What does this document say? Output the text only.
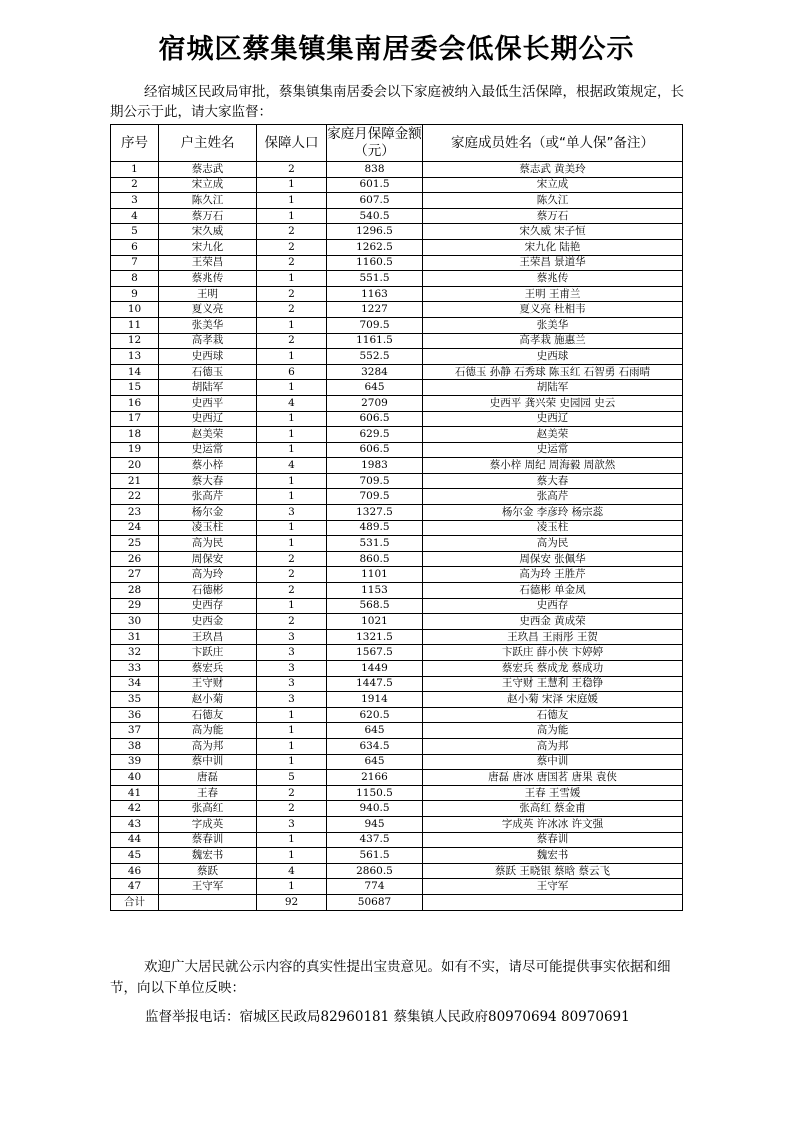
宿城区蔡集镇集南居委会低保长期公示
经宿城区民政局审批，蔡集镇集南居委会以下家庭被纳入最低生活保障，根据政策规定，长期公示于此，请大家监督：
序号	户主姓名	保障人口	家庭月保障金额（元）	家庭成员姓名（或“单人保”备注）
1	蔡志武	2	838	蔡志武 黄美玲
2	宋立成	1	601.5	宋立成
3	陈久江	1	607.5	陈久江
4	蔡万石	1	540.5	蔡万石
5	宋久威	2	1296.5	宋久威 宋子恒
6	宋九化	2	1262.5	宋九化 陆艳
7	王荣昌	2	1160.5	王荣昌 景道华
8	蔡兆传	1	551.5	蔡兆传
9	王明	2	1163	王明 王甫兰
10	夏义亮	2	1227	夏义亮 杜相韦
11	张美华	1	709.5	张美华
12	高孝栽	2	1161.5	高孝栽 施惠兰
13	史西球	1	552.5	史西球
14	石德玉	6	3284	石德玉 孙静 石秀球 陈玉红 石智勇 石雨晴
15	胡陆军	1	645	胡陆军
16	史西平	4	2709	史西平 龚兴荣 史园园 史云
17	史西辽	1	606.5	史西辽
18	赵美荣	1	629.5	赵美荣
19	史运常	1	606.5	史运常
20	蔡小梓	4	1983	蔡小梓 周纪 周海毅 周歆然
21	蔡大春	1	709.5	蔡大春
22	张高芹	1	709.5	张高芹
23	杨尔金	3	1327.5	杨尔金 李彦玲 杨宗蕊
24	凌玉柱	1	489.5	凌玉柱
25	高为民	1	531.5	高为民
26	周保安	2	860.5	周保安 张佩华
27	高为玲	2	1101	高为玲 王胜芹
28	石德彬	2	1153	石德彬 单金凤
29	史西存	1	568.5	史西存
30	史西金	2	1021	史西金 黄成荣
31	王玖昌	3	1321.5	王玖昌 王雨彤 王贺
32	卞跃庄	3	1567.5	卞跃庄 薛小侠 卞婷婷
33	蔡宏兵	3	1449	蔡宏兵 蔡成龙 蔡成功
34	王守财	3	1447.5	王守财 王慧利 王稳铮
35	赵小菊	3	1914	赵小菊 宋泽 宋庭媛
36	石德友	1	620.5	石德友
37	高为能	1	645	高为能
38	高为邦	1	634.5	高为邦
39	蔡中训	1	645	蔡中训
40	唐磊	5	2166	唐磊 唐冰 唐国茗 唐果 袁侠
41	王春	2	1150.5	王春 王雪媛
42	张高红	2	940.5	张高红 蔡金甫
43	字成英	3	945	字成英 许冰冰 许文强
44	蔡春训	1	437.5	蔡春训
45	魏宏书	1	561.5	魏宏书
46	蔡跃	4	2860.5	蔡跃 王晓银 蔡晗 蔡云飞
47	王守军	1	774	王守军
合计		92	50687	
欢迎广大居民就公示内容的真实性提出宝贵意见。如有不实，请尽可能提供事实依据和细节，向以下单位反映：
监督举报电话：宿城区民政局82960181 蔡集镇人民政府80970694 80970691
